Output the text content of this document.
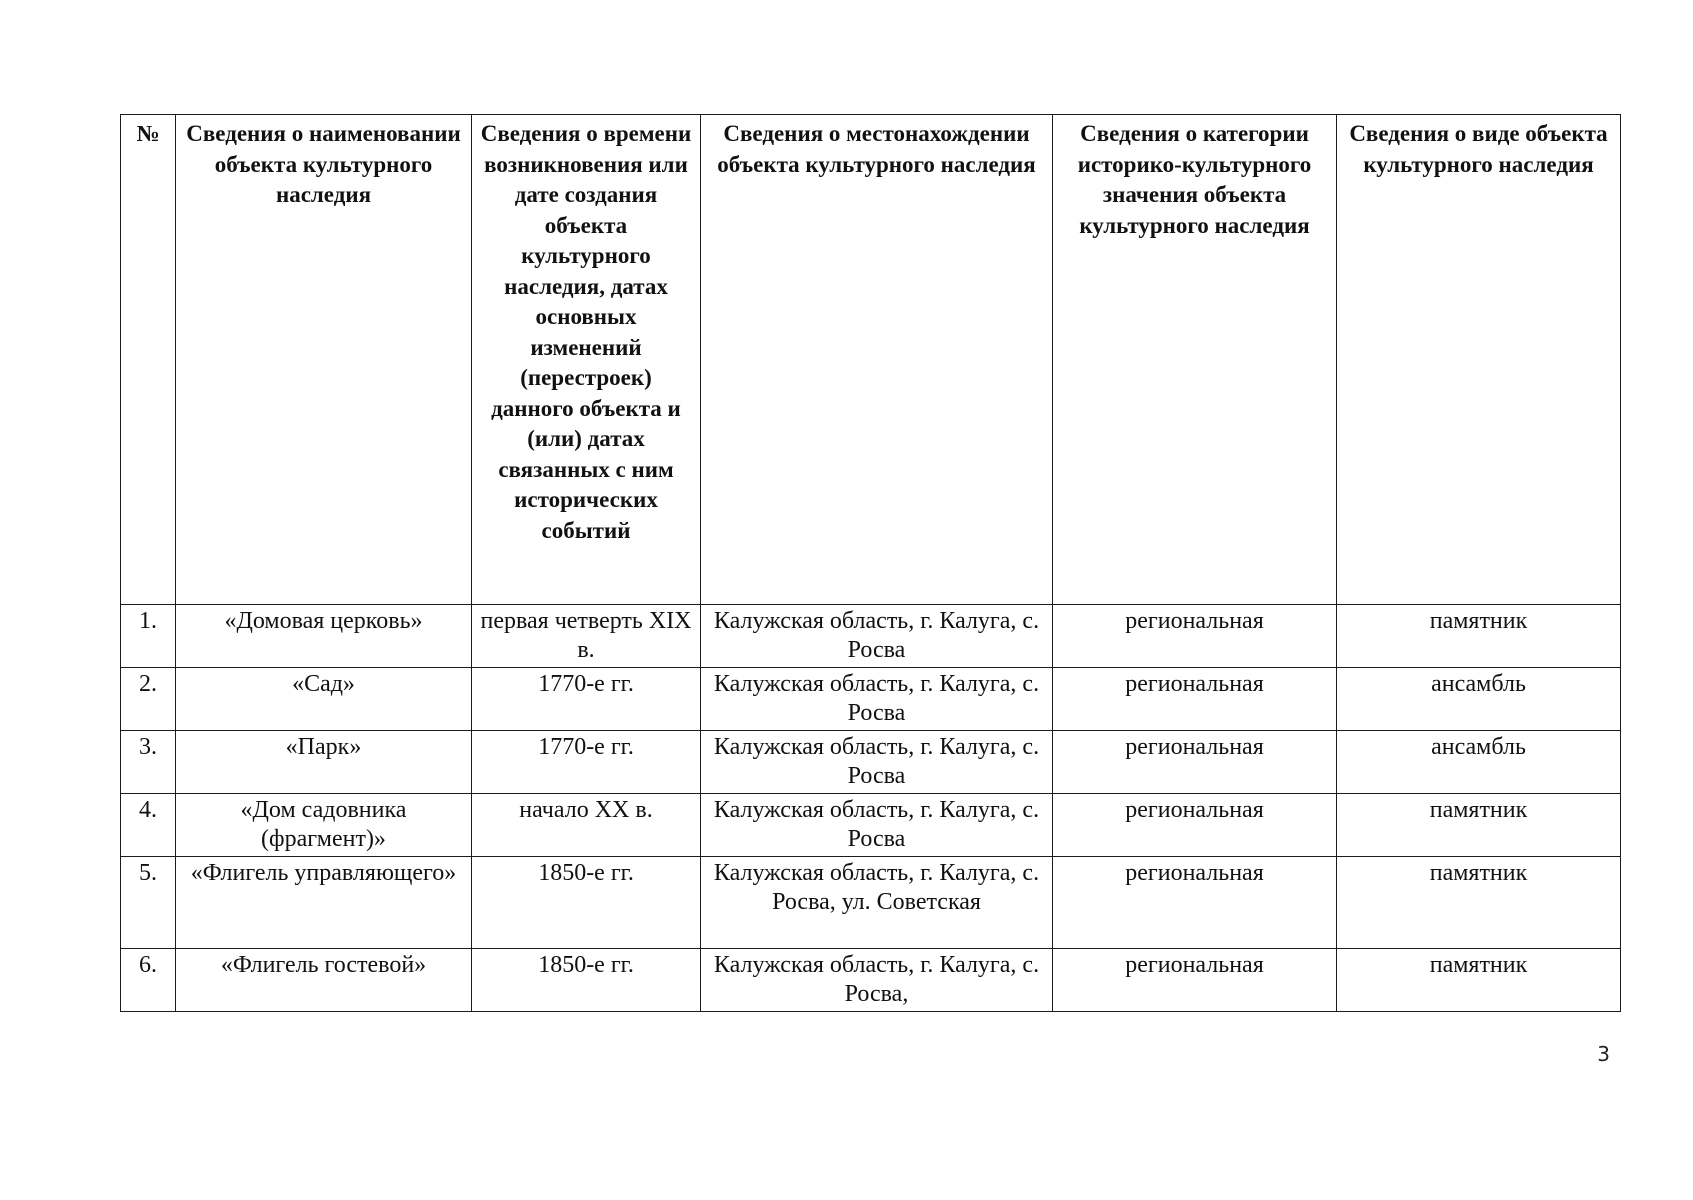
№	Сведения о наименовании объекта культурного наследия	Сведения о времени возникновения или дате создания объекта культурного наследия, датах основных изменений (перестроек) данного объекта и (или) датах связанных с ним исторических событий	Сведения о местонахождении объекта культурного наследия	Сведения о категории историко-культурного значения объекта культурного наследия	Сведения о виде объекта культурного наследия
1.	«Домовая церковь»	первая четверть XIX в.	Калужская область, г. Калуга, с. Росва	региональная	памятник
2.	«Сад»	1770-е гг.	Калужская область, г. Калуга, с. Росва	региональная	ансамбль
3.	«Парк»	1770-е гг.	Калужская область, г. Калуга, с. Росва	региональная	ансамбль
4.	«Дом садовника (фрагмент)»	начало XX в.	Калужская область, г. Калуга, с. Росва	региональная	памятник
5.	«Флигель управляющего»	1850-е гг.	Калужская область, г. Калуга, с. Росва, ул. Советская	региональная	памятник
6.	«Флигель гостевой»	1850-е гг.	Калужская область, г. Калуга, с. Росва,	региональная	памятник
3
